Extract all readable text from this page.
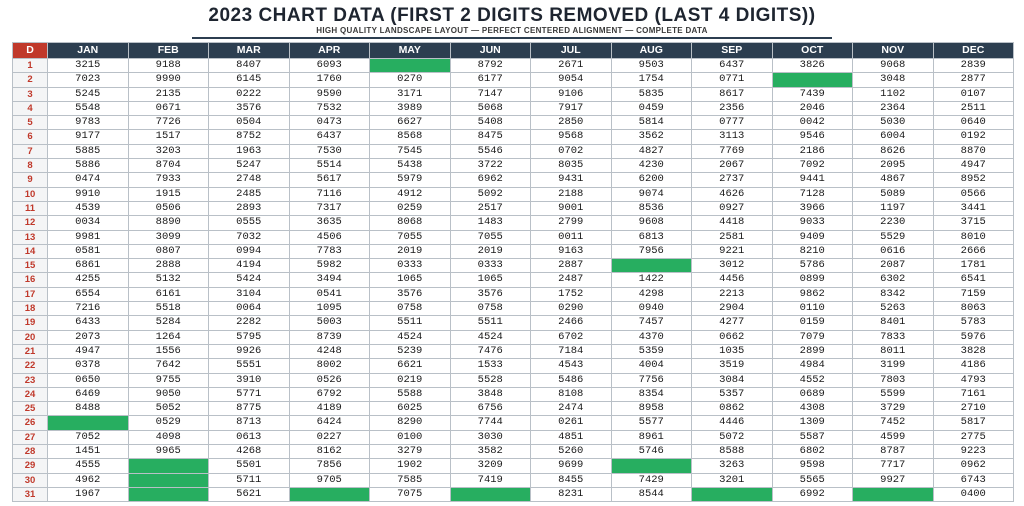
2023 CHART DATA (FIRST 2 DIGITS REMOVED (LAST 4 DIGITS))
HIGH QUALITY LANDSCAPE LAYOUT — PERFECT CENTERED ALIGNMENT — COMPLETE DATA
D	JAN	FEB	MAR	APR	MAY	JUN	JUL	AUG	SEP	OCT	NOV	DEC
1	3215	9188	8407	6093		8792	2671	9503	6437	3826	9068	2839
2	7023	9990	6145	1760	0270	6177	9054	1754	0771		3048	2877
3	5245	2135	0222	9590	3171	7147	9106	5835	8617	7439	1102	0107
4	5548	0671	3576	7532	3989	5068	7917	0459	2356	2046	2364	2511
5	9783	7726	0504	0473	6627	5408	2850	5814	0777	0042	5030	0640
6	9177	1517	8752	6437	8568	8475	9568	3562	3113	9546	6004	0192
7	5885	3203	1963	7530	7545	5546	0702	4827	7769	2186	8626	8870
8	5886	8704	5247	5514	5438	3722	8035	4230	2067	7092	2095	4947
9	0474	7933	2748	5617	5979	6962	9431	6200	2737	9441	4867	8952
10	9910	1915	2485	7116	4912	5092	2188	9074	4626	7128	5089	0566
11	4539	0506	2893	7317	0259	2517	9001	8536	0927	3966	1197	3441
12	0034	8890	0555	3635	8068	1483	2799	9608	4418	9033	2230	3715
13	9981	3099	7032	4506	7055	7055	0011	6813	2581	9409	5529	8010
14	0581	0807	0994	7783	2019	2019	9163	7956	9221	8210	0616	2666
15	6861	2888	4194	5982	0333	0333	2887		3012	5786	2087	1781
16	4255	5132	5424	3494	1065	1065	2487	1422	4456	0899	6302	6541
17	6554	6161	3104	0541	3576	3576	1752	4298	2213	9862	8342	7159
18	7216	5518	0064	1095	0758	0758	0290	0940	2904	0110	5263	8063
19	6433	5284	2282	5003	5511	5511	2466	7457	4277	0159	8401	5783
20	2073	1264	5795	8739	4524	4524	6702	4370	0662	7079	7833	5976
21	4947	1556	9926	4248	5239	7476	7184	5359	1035	2899	8011	3828
22	0378	7642	5551	8002	6621	1533	4543	4004	3519	4984	3199	4186
23	0650	9755	3910	0526	0219	5528	5486	7756	3084	4552	7803	4793
24	6469	9050	5771	6792	5588	3848	8108	8354	5357	0689	5599	7161
25	8488	5052	8775	4189	6025	6756	2474	8958	0862	4308	3729	2710
26		0529	8713	6424	8290	7744	0261	5577	4446	1309	7452	5817
27	7052	4098	0613	0227	0100	3030	4851	8961	5072	5587	4599	2775
28	1451	9965	4268	8162	3279	3582	5260	5746	8588	6802	8787	9223
29	4555		5501	7856	1902	3209	9699		3263	9598	7717	0962
30	4962		5711	9705	7585	7419	8455	7429	3201	5565	9927	6743
31	1967		5621		7075		8231	8544		6992		0400
